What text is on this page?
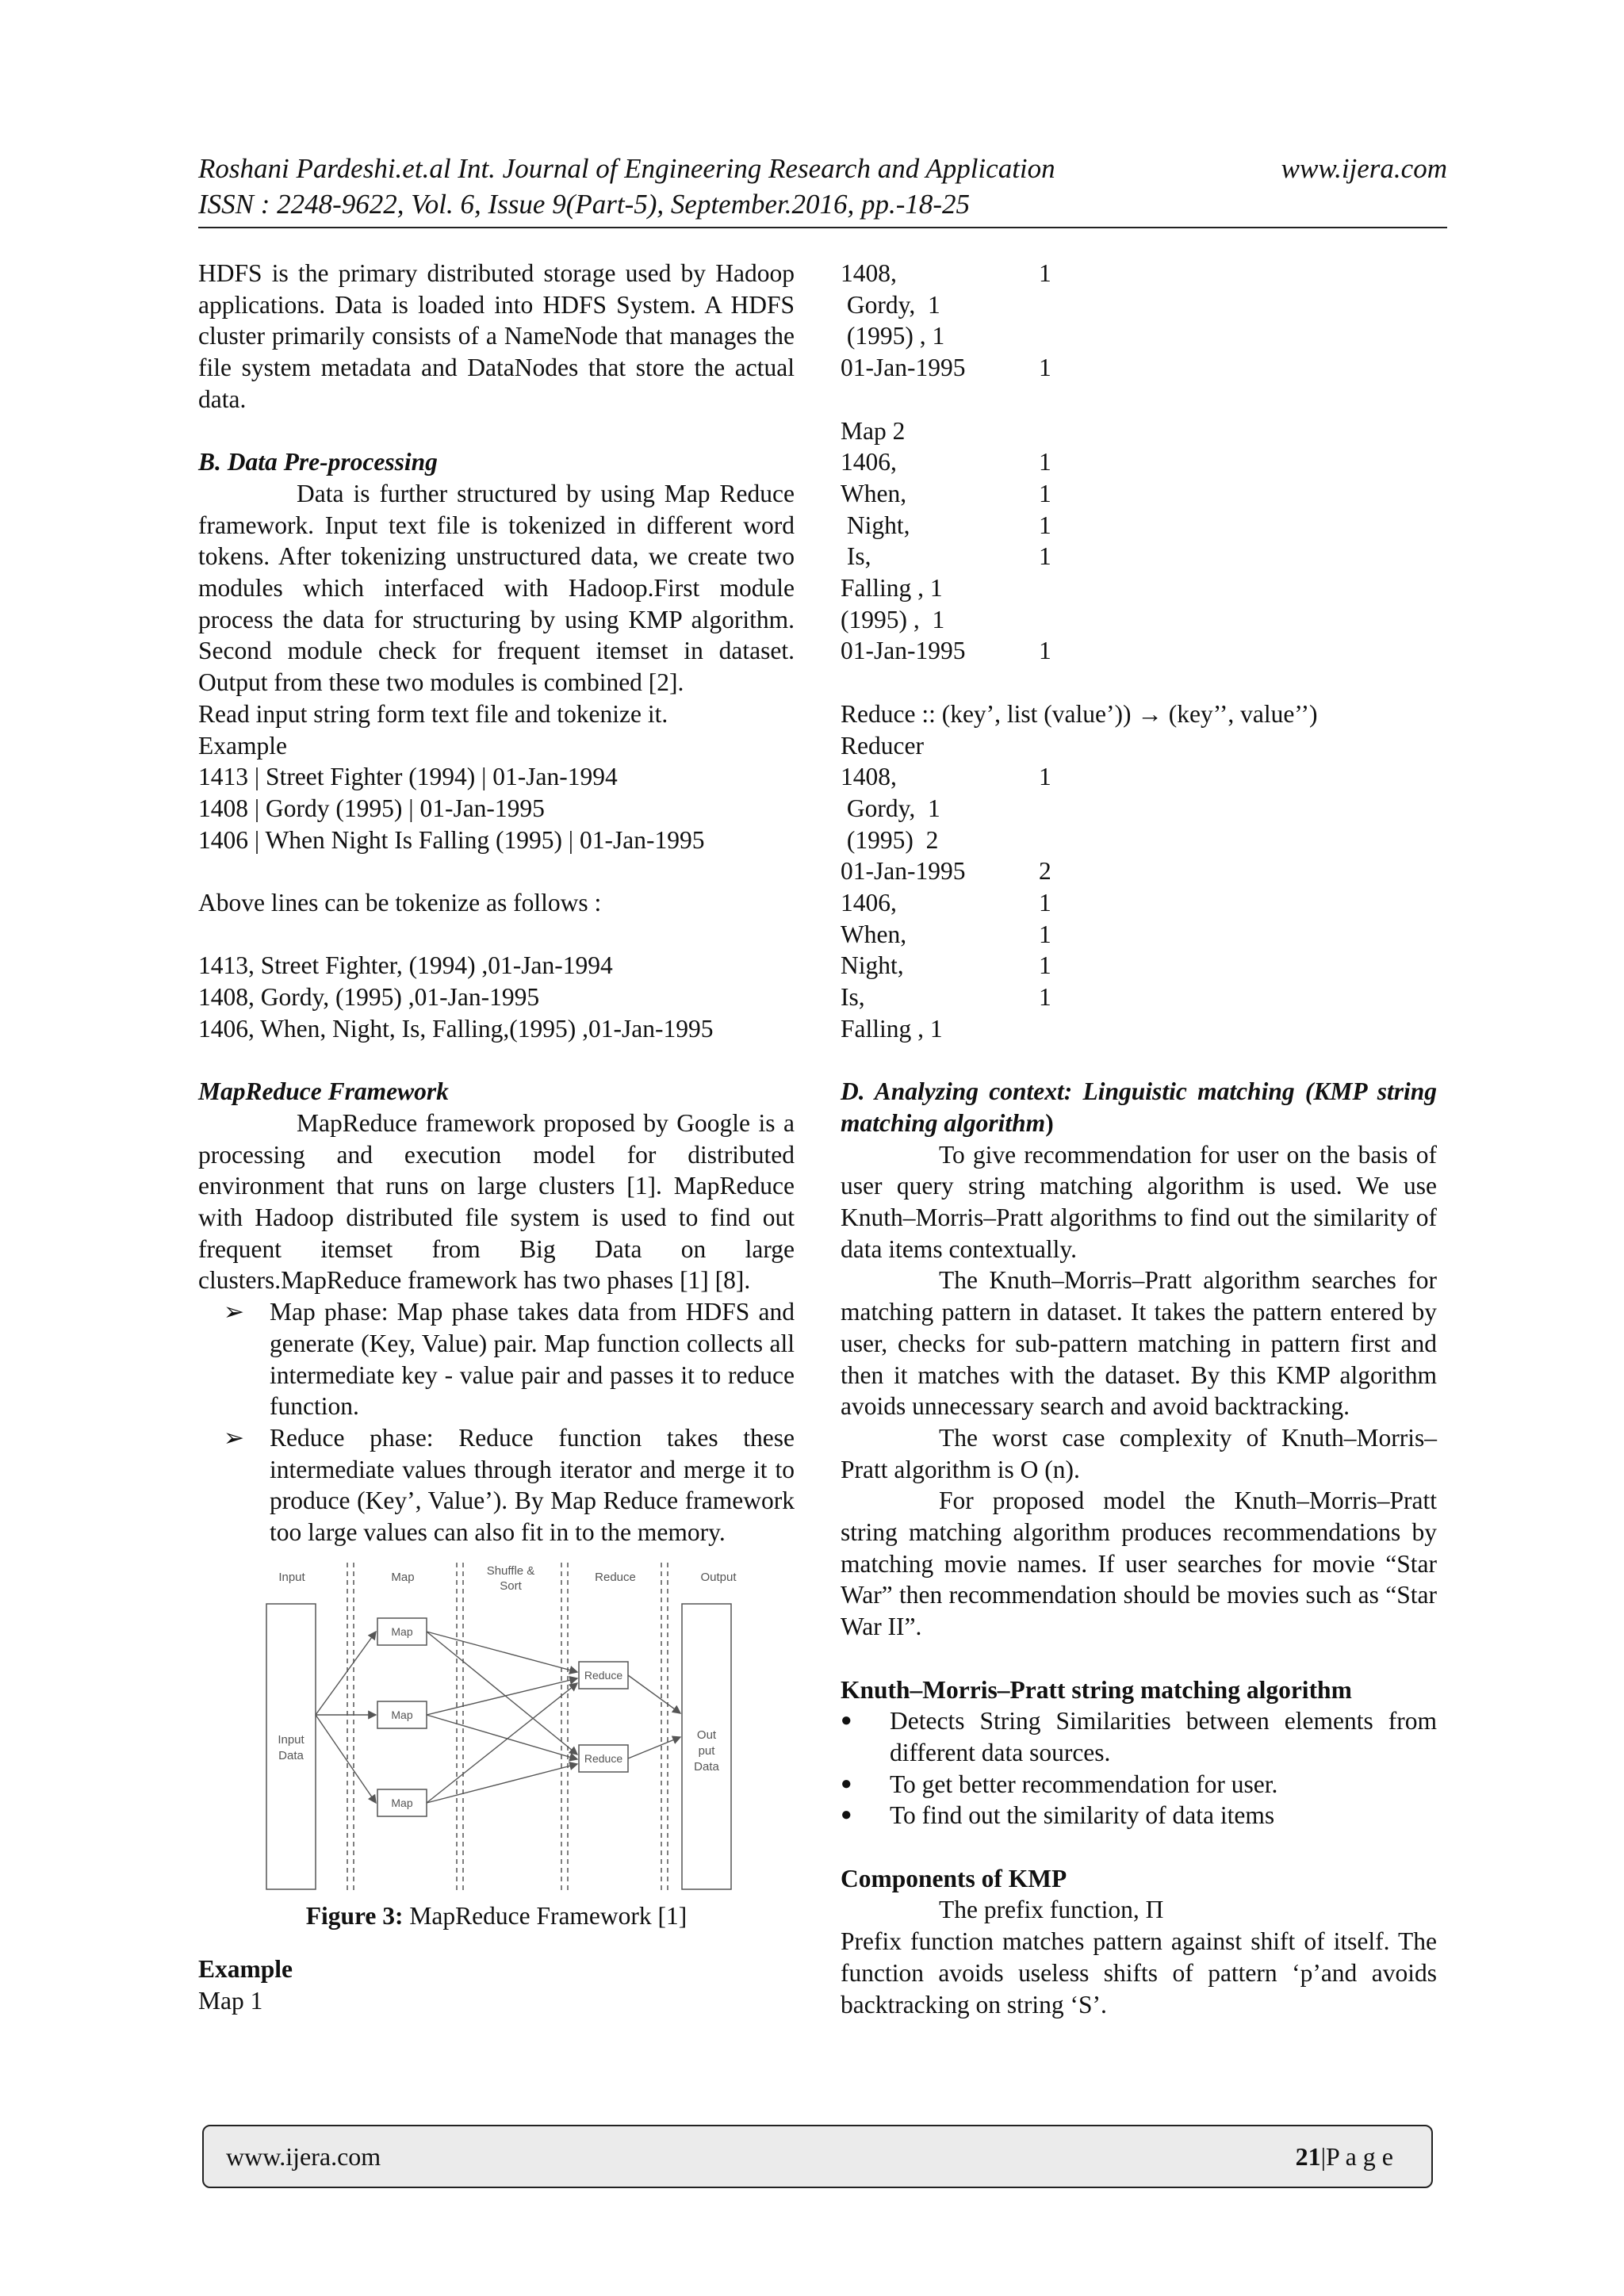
Roshani Pardeshi.et.al Int. Journal of Engineering Research and Application	www.ijera.com
ISSN : 2248-9622, Vol. 6, Issue 9(Part-5), September.2016, pp.-18-25

HDFS is the primary distributed storage used by Hadoop applications. Data is loaded into HDFS System. A HDFS cluster primarily consists of a NameNode that manages the file system metadata and DataNodes that store the actual data.

B. Data Pre-processing

Data is further structured by using Map Reduce framework. Input text file is tokenized in different word tokens. After tokenizing unstructured data, we create two modules which interfaced with Hadoop.First module process the data for structuring by using KMP algorithm. Second module check for frequent itemset in dataset. Output from these two modules is combined [2].

Read input string form text file and tokenize it.

Example

1413 | Street Fighter (1994) | 01-Jan-1994

1408 | Gordy (1995) | 01-Jan-1995

1406 | When Night Is Falling (1995) | 01-Jan-1995

Above lines can be tokenize as follows :

1413, Street Fighter, (1994) ,01-Jan-1994

1408, Gordy, (1995) ,01-Jan-1995

1406, When, Night, Is, Falling,(1995) ,01-Jan-1995

MapReduce Framework

MapReduce framework proposed by Google is a processing and execution model for distributed environment that runs on large clusters [1]. MapReduce with Hadoop distributed file system is used to find out frequent itemset from Big Data on large clusters.MapReduce framework has two phases [1] [8].

➢	Map phase: Map phase takes data from HDFS and generate (Key, Value) pair. Map function collects all intermediate key - value pair and passes it to reduce function.
➢	Reduce phase: Reduce function takes these intermediate values through iterator and merge it to produce (Key’, Value’). By Map Reduce framework too large values can also fit in to the memory.
Input	Map	Shuffle &
Sort
Reduce	Output
Input
Data
Out
put
Data
Map
Map
Map
Reduce
Reduce

Figure 3: MapReduce Framework [1]

Example

Map 1

1408,	1
Gordy,  1
(1995) , 1
01-Jan-1995	1

Map 2

1406,	1
When,	1
Night,	1
Is,	1
Falling , 1
(1995) ,  1
01-Jan-1995	1

Reduce :: (key’, list (value’)) → (key’’, value’’)

Reducer

1408,	1
Gordy,  1
(1995)  2
01-Jan-1995	2
1406,	1
When,	1
Night,	1
Is,	1
Falling , 1

D. Analyzing context: Linguistic matching (KMP string matching algorithm)

To give recommendation for user on the basis of user query string matching algorithm is used. We use Knuth–Morris–Pratt algorithms to find out the similarity of data items contextually.

The Knuth–Morris–Pratt algorithm searches for matching pattern in dataset. It takes the pattern entered by user, checks for sub-pattern matching in pattern first and then it matches with the dataset. By this KMP algorithm avoids unnecessary search and avoid backtracking.

The worst case complexity of Knuth–Morris–Pratt algorithm is O (n).

For proposed model the Knuth–Morris–Pratt string matching algorithm produces recommendations by matching movie names. If user searches for movie “Star War” then recommendation should be movies such as “Star War II”.

Knuth–Morris–Pratt string matching algorithm

●	Detects String Similarities between elements from different data sources.
●	To get better recommendation for user.
●	To find out the similarity of data items

Components of KMP

The prefix function, Π

Prefix function matches pattern against shift of itself. The function avoids useless shifts of pattern ‘p’and avoids backtracking on string ‘S’.

www.ijera.com	21|P a g e
